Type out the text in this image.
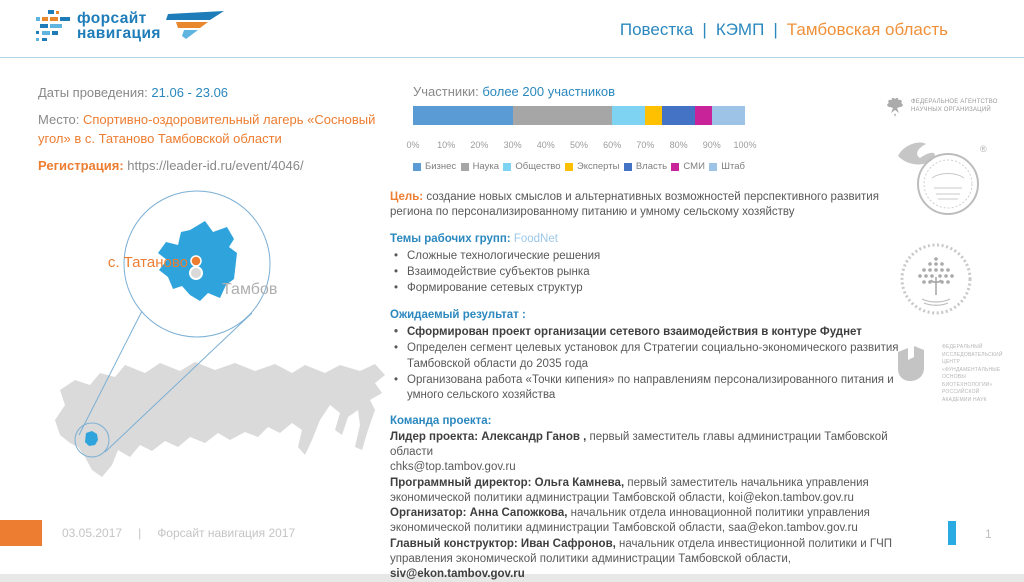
форсайт
навигация	Повестка | КЭМП | Тамбовская область

Даты проведения: 21.06 - 23.06

Место: Спортивно-оздоровительный лагерь «Сосновый угол» в с. Татаново Тамбовской области

Регистрация: https://leader-id.ru/event/4046/

Участники: более 200 участников

0% 10% 20% 30% 40% 50% 60% 70% 80% 90% 100%
Бизнес Наука Общество Эксперты Власть СМИ Штаб
с. Татаново
Тамбов

Цель: создание новых смыслов и альтернативных возможностей перспективного развития региона по персонализированному питанию и умному сельскому хозяйству

Темы рабочих групп: FoodNet

• Сложные технологические решения
• Взаимодействие субъектов рынка
• Формирование сетевых структур

Ожидаемый результат :

• Сформирован проект организации сетевого взаимодействия в контуре Фуднет
• Определен сегмент целевых установок для Стратегии социально-экономического развития Тамбовской области до 2035 года
• Организована работа «Точки кипения» по направлениям персонализированного питания и умного сельского хозяйства

Команда проекта:

Лидер проекта: Александр Ганов , первый заместитель главы администрации Тамбовской области
chks@top.tambov.gov.ru

Программный директор: Ольга Камнева, первый заместитель начальника управления экономической политики администрации Тамбовской области, koi@ekon.tambov.gov.ru

Организатор: Анна Сапожкова, начальник отдела инновационной политики управления экономической политики администрации Тамбовской области, saa@ekon.tambov.gov.ru

Главный конструктор: Иван Сафронов, начальник отдела инвестиционной политики и ГЧП управления экономической политики администрации Тамбовской области, siv@ekon.tambov.gov.ru

ФЕДЕРАЛЬНОЕ АГЕНТСТВО НАУЧНЫХ ОРГАНИЗАЦИЙ
®
ФЕДЕРАЛЬНЫЙ ИССЛЕДОВАТЕЛЬСКИЙ ЦЕНТР «ФУНДАМЕНТАЛЬНЫЕ ОСНОВЫ БИОТЕХНОЛОГИИ» РОССИЙСКОЙ АКАДЕМИИ НАУК
03.05.2017 | Форсайт навигация 2017	1
